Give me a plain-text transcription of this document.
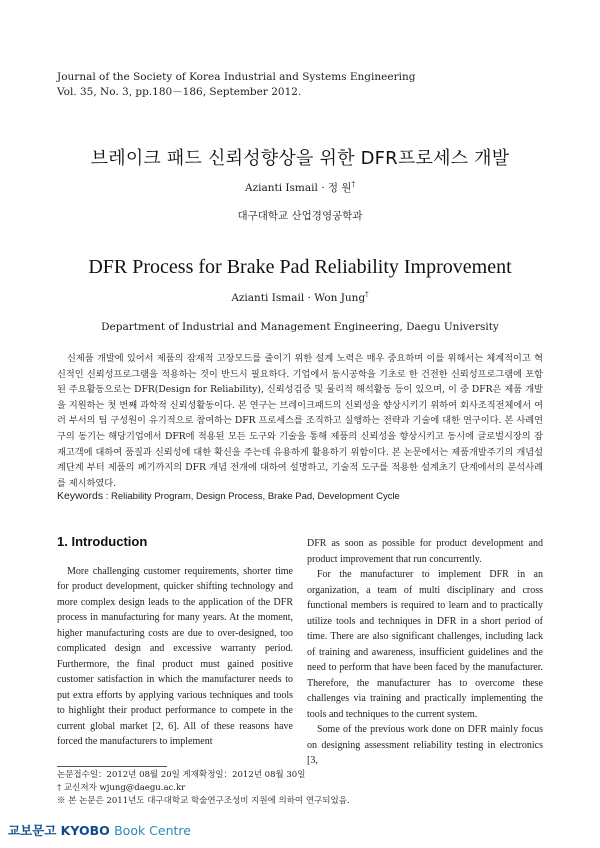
Journal of the Society of Korea Industrial and Systems Engineering
Vol. 35, No. 3, pp.180－186, September 2012.
브레이크 패드 신뢰성향상을 위한 DFR프로세스 개발
Azianti Ismail · 정 원†
대구대학교 산업경영공학과
DFR Process for Brake Pad Reliability Improvement
Azianti Ismail · Won Jung†
Department of Industrial and Management Engineering, Daegu University
신제품 개발에 있어서 제품의 잠재적 고장모드를 줄이기 위한 설계 노력은 매우 중요하며 이를 위해서는 체계적이고 혁신적인 신뢰성프로그램을 적용하는 것이 반드시 필요하다. 기업에서 동시공학을 기초로 한 건전한 신뢰성프로그램에 포함된 주요활동으로는 DFR(Design for Reliability), 신뢰성검증 및 물리적 해석활동 등이 있으며, 이 중 DFR은 제품 개발을 지원하는 첫 번째 과학적 신뢰성활동이다. 본 연구는 브레이크패드의 신뢰성을 향상시키기 위하여 회사조직전체에서 여러 부서의 팀 구성원이 유기적으로 참여하는 DFR 프로세스를 조직하고 실행하는 전략과 기술에 대한 연구이다. 본 사례연구의 동기는 해당기업에서 DFR에 적용된 모든 도구와 기술을 통해 제품의 신뢰성을 향상시키고 동시에 글로벌시장의 잠재고객에 대하여 품질과 신뢰성에 대한 확신을 주는데 유용하게 활용하기 위함이다. 본 논문에서는 제품개발주기의 개념설계단계 부터 제품의 폐기까지의 DFR 개념 전개에 대하여 설명하고, 기술적 도구를 적용한 설계초기 단계에서의 분석사례를 제시하였다.
Keywords : Reliability Program, Design Process, Brake Pad, Development Cycle
1. Introduction

More challenging customer requirements, shorter time for product development, quicker shifting technology and more complex design leads to the application of the DFR process in manufacturing for many years. At the moment, higher manufacturing costs are due to over-designed, too complicated design and excessive warranty period. Furthermore, the final product must gained positive customer satisfaction in which the manufacturer needs to put extra efforts by applying various techniques and tools to highlight their product performance to compete in the current global market [2, 6]. All of these reasons have forced the manufacturers to implement

DFR as soon as possible for product development and product improvement that run concurrently.

For the manufacturer to implement DFR in an organization, a team of multi disciplinary and cross functional members is required to learn and to practically utilize tools and techniques in DFR in a short period of time. There are also significant challenges, including lack of training and awareness, insufficient guidelines and the need to perform that have been faced by the manufacturer. Therefore, the manufacturer has to overcome these challenges via training and practically implementing the tools and techniques to the current system.

Some of the previous work done on DFR mainly focus on designing assessment reliability testing in electronics [3,

논문접수일：2012년 08월 20일 게재확정일：2012년 08월 30일
† 교신저자 wjung@daegu.ac.kr
※ 본 논문은 2011년도 대구대학교 학술연구조성비 지원에 의하여 연구되었음.
교보문고 KYOBO Book Centre
